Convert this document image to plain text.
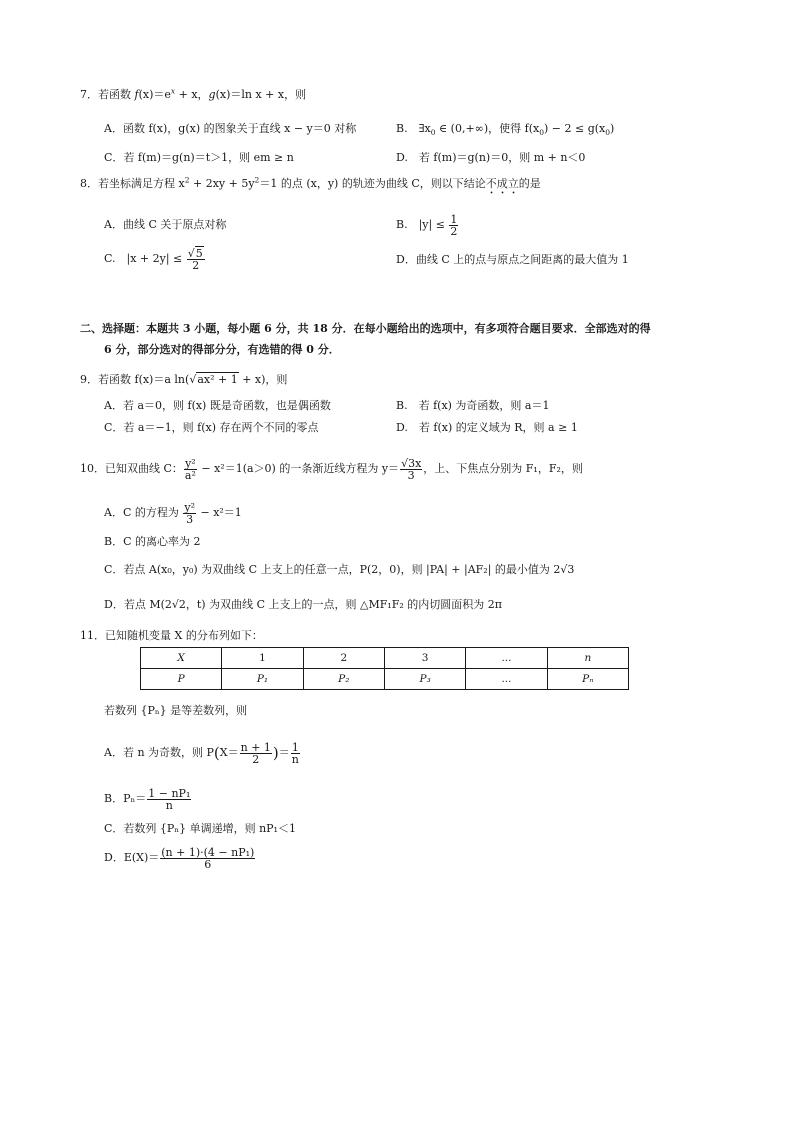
7．若函数 $f(x)=e^x + x$，g(x)＝ln x + x，则
A．函数 f(x)，g(x) 的图象关于直线 x − y＝0 对称	B.　$\exists x_0$ ∈ (0,+∞)，使得 $f(x_0) - 2 \le g(x_0)$
C．若 f(m)＝g(n)＝t＞1，则 em ≥ n	D.　若 f(m)＝g(n)＝0，则 m + n＜0
8．若坐标满足方程 $x^2 + 2xy + 5y^2=1$ 的点 (x，y) 的轨迹为曲线 C，则以下结论不成立的是
A．曲线 C 关于原点对称	B.　$|y| \le \frac{1}{2}$
C.　$|x + 2y| \le \frac{√5}{2}$	D．曲线 C 上的点与原点之间距离的最大值为 1
二、选择题：本题共 3 小题，每小题 6 分，共 18 分．在每小题给出的选项中，有多项符合题目要求．全部选对的得
6 分，部分选对的得部分分，有选错的得 0 分．
9．若函数 f(x)＝a ln(√ax² + 1 + x)，则
A．若 a＝0，则 f(x) 既是奇函数，也是偶函数	B.　若 f(x) 为奇函数，则 a＝1
C．若 a＝−1，则 f(x) 存在两个不同的零点	D.　若 f(x) 的定义域为 R，则 a ≥ 1
10．已知双曲线 C： $\frac{\text{y²}}{\text{a²}} - x^2=1(a>0)$ 的一条渐近线方程为 $y= \frac{√3x}{3}$ ，上、下焦点分别为 F₁，F₂，则
A．C 的方程为 $\frac{\text{y²}}{3} - x^2=1$
B．C 的离心率为 2
C．若点 A(x₀，y₀) 为双曲线 C 上支上的任意一点，P(2，0)，则 |PA| + |AF₂| 的最小值为 2√3
D．若点 M(2√2，t) 为双曲线 C 上支上的一点，则 △MF₁F₂ 的内切圆面积为 2π
11．已知随机变量 X 的分布列如下：
X	1	2	3	...	n
P	P₁	P₂	P₃	...	Pₙ
若数列 {Pₙ} 是等差数列，则
A．若 n 为奇数，则 $P(X= \frac{n + 1}{2}$ )＝ $\frac{1}{n}$
B．$P_n= \frac{\text{1 − nP₁}}{n}$
C．若数列 {Pₙ} 单调递增，则 nP₁＜1
D．$E(X)= \frac{\text{(n + 1)·(4 − nP₁)}}{6}$
